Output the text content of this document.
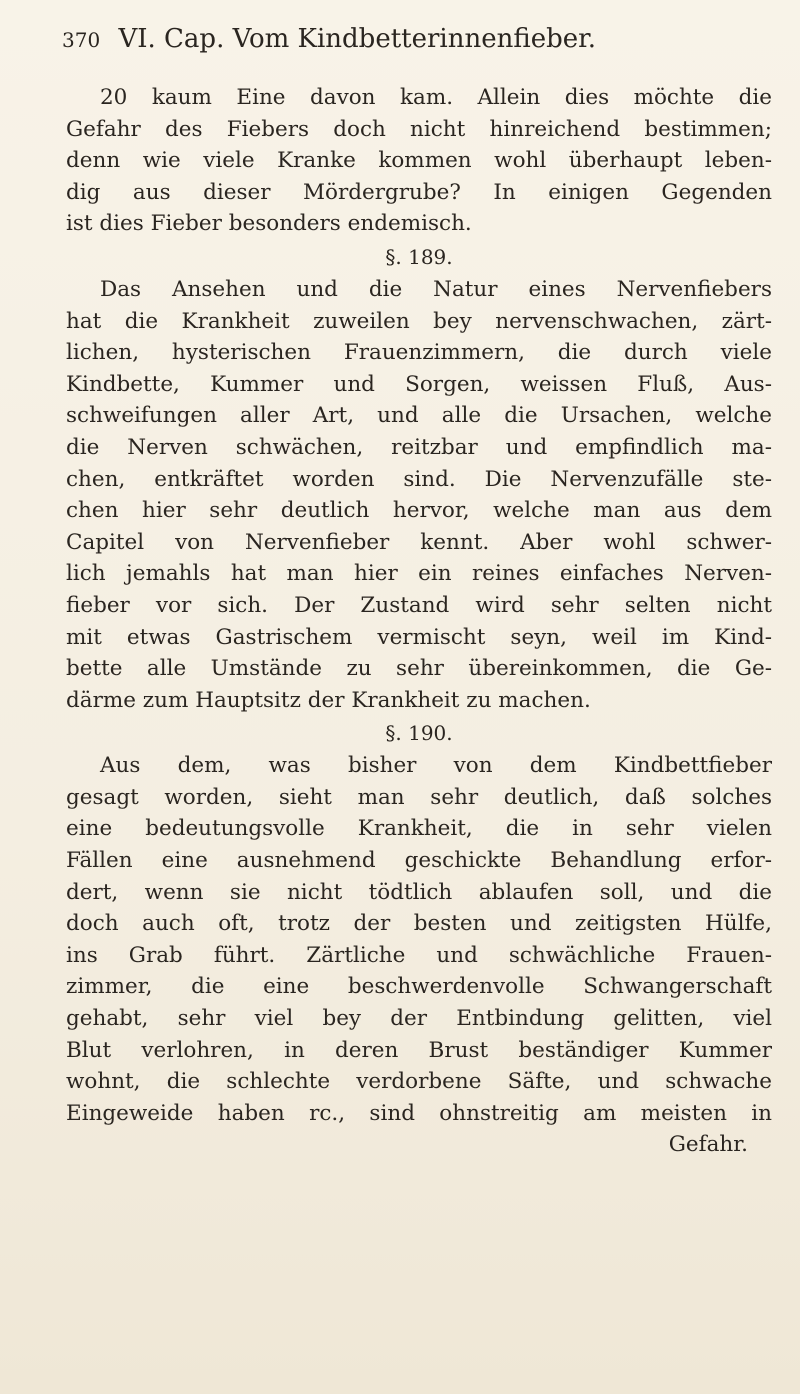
370 VI. Cap. Vom Kindbetterinnenfieber.
20 kaum Eine davon kam. Allein dies möchte die
Gefahr des Fiebers doch nicht hinreichend bestimmen;
denn wie viele Kranke kommen wohl überhaupt leben-
dig aus dieser Mördergrube? In einigen Gegenden
ist dies Fieber besonders endemisch.
§. 189.
Das Ansehen und die Natur eines Nervenfiebers
hat die Krankheit zuweilen bey nervenschwachen, zärt-
lichen, hysterischen Frauenzimmern, die durch viele
Kindbette, Kummer und Sorgen, weissen Fluß, Aus-
schweifungen aller Art, und alle die Ursachen, welche
die Nerven schwächen, reitzbar und empfindlich ma-
chen, entkräftet worden sind. Die Nervenzufälle ste-
chen hier sehr deutlich hervor, welche man aus dem
Capitel von Nervenfieber kennt. Aber wohl schwer-
lich jemahls hat man hier ein reines einfaches Nerven-
fieber vor sich. Der Zustand wird sehr selten nicht
mit etwas Gastrischem vermischt seyn, weil im Kind-
bette alle Umstände zu sehr übereinkommen, die Ge-
därme zum Hauptsitz der Krankheit zu machen.
§. 190.
Aus dem, was bisher von dem Kindbettfieber
gesagt worden, sieht man sehr deutlich, daß solches
eine bedeutungsvolle Krankheit, die in sehr vielen
Fällen eine ausnehmend geschickte Behandlung erfor-
dert, wenn sie nicht tödtlich ablaufen soll, und die
doch auch oft, trotz der besten und zeitigsten Hülfe,
ins Grab führt. Zärtliche und schwächliche Frauen-
zimmer, die eine beschwerdenvolle Schwangerschaft
gehabt, sehr viel bey der Entbindung gelitten, viel
Blut verlohren, in deren Brust beständiger Kummer
wohnt, die schlechte verdorbene Säfte, und schwache
Eingeweide haben rc., sind ohnstreitig am meisten in
Gefahr.
